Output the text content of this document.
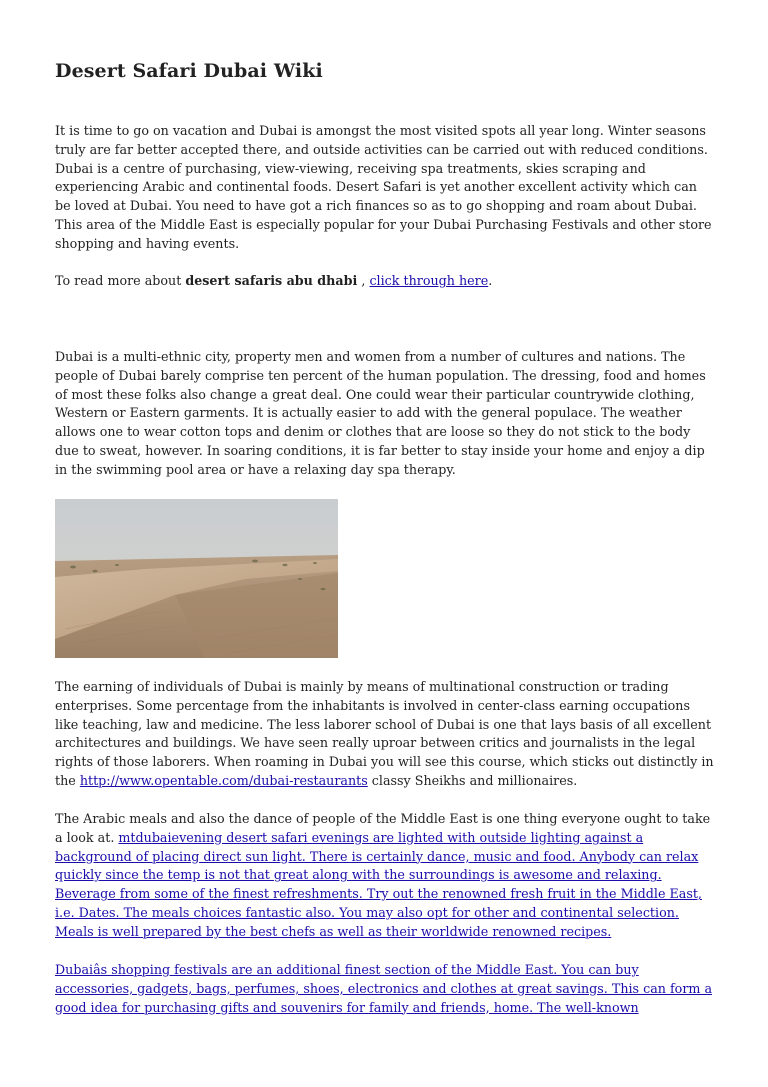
Desert Safari Dubai Wiki

It is time to go on vacation and Dubai is amongst the most visited spots all year long. Winter seasons truly are far better accepted there, and outside activities can be carried out with reduced conditions. Dubai is a centre of purchasing, view-viewing, receiving spa treatments, skies scraping and experiencing Arabic and continental foods. Desert Safari is yet another excellent activity which can be loved at Dubai. You need to have got a rich finances so as to go shopping and roam about Dubai. This area of the Middle East is especially popular for your Dubai Purchasing Festivals and other store shopping and having events.

To read more about desert safaris abu dhabi , click through here.

Dubai is a multi-ethnic city, property men and women from a number of cultures and nations. The people of Dubai barely comprise ten percent of the human population. The dressing, food and homes of most these folks also change a great deal. One could wear their particular countrywide clothing, Western or Eastern garments. It is actually easier to add with the general populace. The weather allows one to wear cotton tops and denim or clothes that are loose so they do not stick to the body due to sweat, however. In soaring conditions, it is far better to stay inside your home and enjoy a dip in the swimming pool area or have a relaxing day spa therapy.

The earning of individuals of Dubai is mainly by means of multinational construction or trading enterprises. Some percentage from the inhabitants is involved in center-class earning occupations like teaching, law and medicine. The less laborer school of Dubai is one that lays basis of all excellent architectures and buildings. We have seen really uproar between critics and journalists in the legal rights of those laborers. When roaming in Dubai you will see this course, which sticks out distinctly in the http://www.opentable.com/dubai-restaurants classy Sheikhs and millionaires.

The Arabic meals and also the dance of people of the Middle East is one thing everyone ought to take a look at. mtdubaievening desert safari evenings are lighted with outside lighting against a background of placing direct sun light. There is certainly dance, music and food. Anybody can relax quickly since the temp is not that great along with the surroundings is awesome and relaxing. Beverage from some of the finest refreshments. Try out the renowned fresh fruit in the Middle East, i.e. Dates. The meals choices fantastic also. You may also opt for other and continental selection. Meals is well prepared by the best chefs as well as their worldwide renowned recipes.

Dubaiâs shopping festivals are an additional finest section of the Middle East. You can buy accessories, gadgets, bags, perfumes, shoes, electronics and clothes at great savings. This can form a good idea for purchasing gifts and souvenirs for family and friends, home. The well-known
